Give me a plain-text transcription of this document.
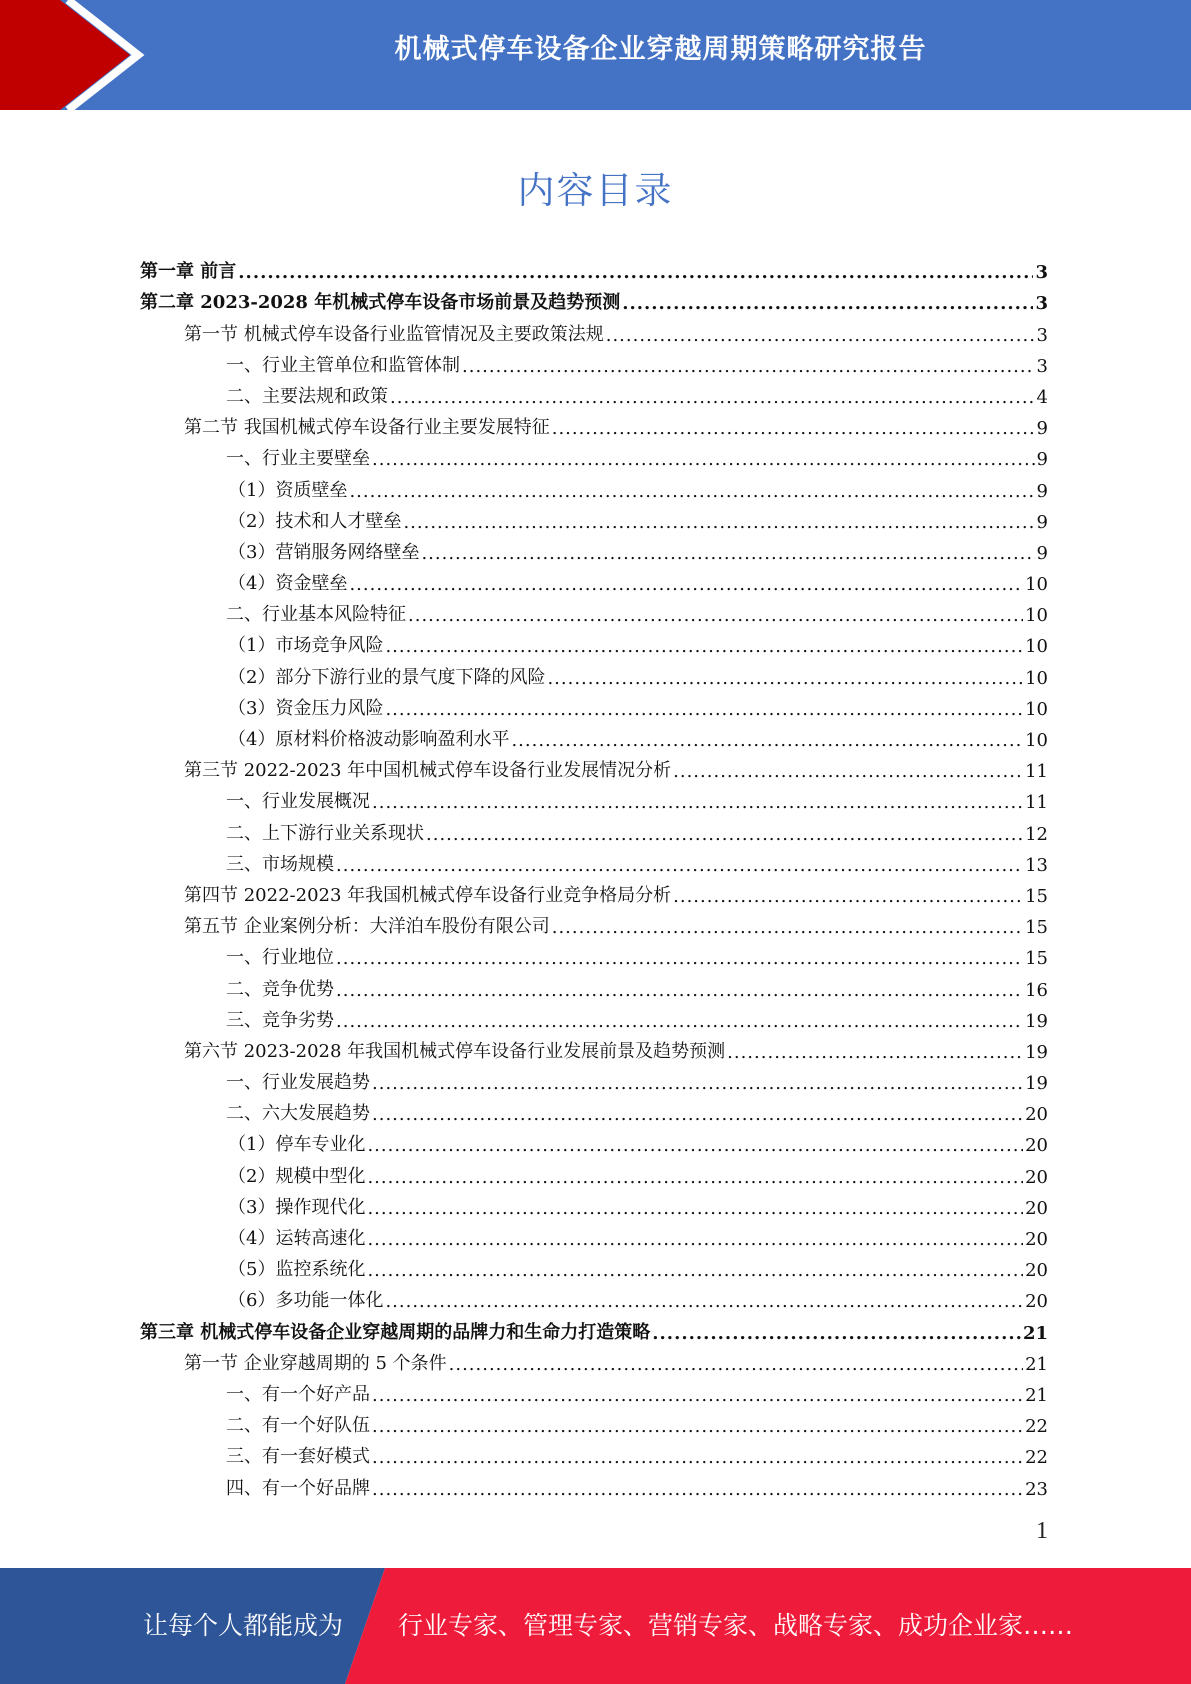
机械式停车设备企业穿越周期策略研究报告
内容目录
第一章 前言 .....	3
第二章 2023-2028 年机械式停车设备市场前景及趋势预测 .....	3
第一节 机械式停车设备行业监管情况及主要政策法规 .....	3
一、行业主管单位和监管体制 .....	3
二、主要法规和政策 .....	4
第二节 我国机械式停车设备行业主要发展特征 .....	9
一、行业主要壁垒 .....	9
（1）资质壁垒 .....	9
（2）技术和人才壁垒 .....	9
（3）营销服务网络壁垒 .....	9
（4）资金壁垒 .....	10
二、行业基本风险特征 .....	10
（1）市场竞争风险 .....	10
（2）部分下游行业的景气度下降的风险 .....	10
（3）资金压力风险 .....	10
（4）原材料价格波动影响盈利水平 .....	10
第三节 2022-2023 年中国机械式停车设备行业发展情况分析 .....	11
一、行业发展概况 .....	11
二、上下游行业关系现状 .....	12
三、市场规模 .....	13
第四节 2022-2023 年我国机械式停车设备行业竞争格局分析 .....	15
第五节 企业案例分析：大洋泊车股份有限公司 .....	15
一、行业地位 .....	15
二、竞争优势 .....	16
三、竞争劣势 .....	19
第六节 2023-2028 年我国机械式停车设备行业发展前景及趋势预测 .....	19
一、行业发展趋势 .....	19
二、六大发展趋势 .....	20
（1）停车专业化 .....	20
（2）规模中型化 .....	20
（3）操作现代化 .....	20
（4）运转高速化 .....	20
（5）监控系统化 .....	20
（6）多功能一体化 .....	20
第三章 机械式停车设备企业穿越周期的品牌力和生命力打造策略 .....	21
第一节 企业穿越周期的 5 个条件 .....	21
一、有一个好产品 .....	21
二、有一个好队伍 .....	22
三、有一套好模式 .....	22
四、有一个好品牌 .....	23
1
让每个人都能成为 行业专家、管理专家、营销专家、战略专家、成功企业家……
